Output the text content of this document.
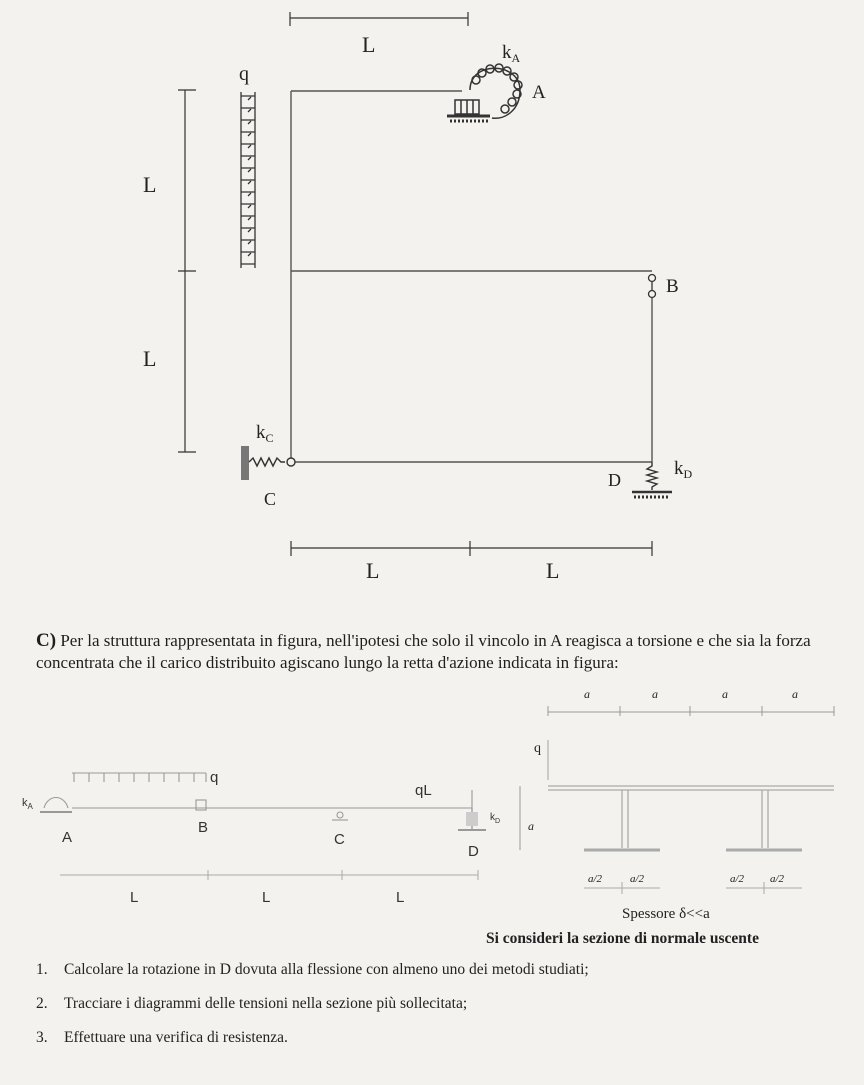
L	$k_A$
A
q
L
L
B
$k_C$
C
D
$k_D$
L	L
q
$k_A$
A
B
C
qL
$k_D$
D
L	L	L
a	a	a	a
q
a
a/2	a/2	a/2 a/2
C) Per la struttura rappresentata in figura, nell'ipotesi che solo il vincolo in A reagisca a torsione e che sia la forza concentrata che il carico distribuito agiscano lungo la retta d'azione indicata in figura:
Spessore δ<<a
Si consideri la sezione di normale uscente
1.	Calcolare la rotazione in D dovuta alla flessione con almeno uno dei metodi studiati;
2.	Tracciare i diagrammi delle tensioni nella sezione più sollecitata;
3.	Effettuare una verifica di resistenza.
